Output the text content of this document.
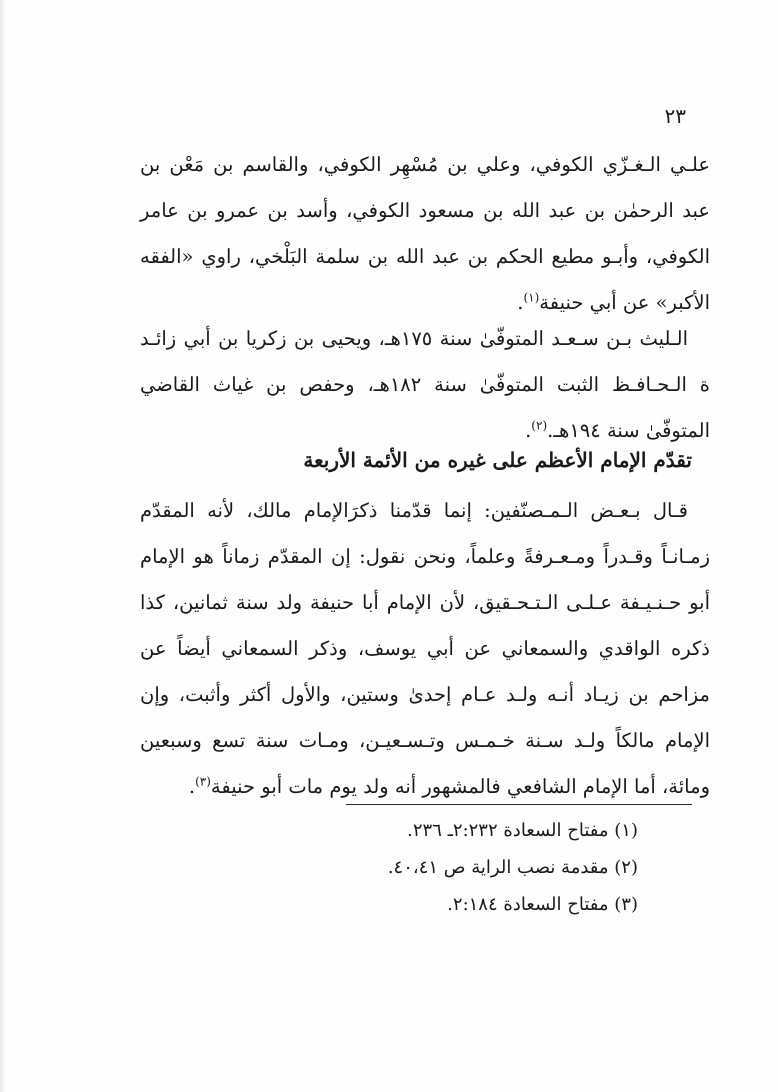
٢٣

علـي الـغـزّي الكوفي، وعلي بن مُسْهِر الكوفي، والقاسم بن مَعْن بن عبد الرحمٰن بن عبد الله بن مسعود الكوفي، وأسد بن عمرو بن عامر الكوفي، وأبـو مطيع الحكم بن عبد الله بن سلمة البَلْخي، راوي «الفقه الأكبر» عن أبي حنيفة$^{(١)}$.

الـليث بـن سـعـد المتوفّىٰ سنة ١٧٥هـ، ويحيى بن زكريا بن أبي زائـد ة الـحـافـظ الثبت المتوفّىٰ سنة ١٨٢هـ، وحفص بن غياث القاضي المتوفّىٰ سنة ١٩٤هـ.$^{(٢)}$.

تقدّم الإمام الأعظم على غيره من الأئمة الأربعة

قـال بـعـض الـمـصنّفين: إنما قدّمنا ذكرَالإمام مالك، لأنه المقدّم زمـانـاً وقـدراً ومـعـرفةً وعلماً، ونحن نقول: إن المقدّم زماناً هو الإمام أبو حـنـيـفة عـلـى الـتـحـقيق، لأن الإمام أبا حنيفة ولد سنة ثمانين، كذا ذكره الواقدي والسمعاني عن أبي يوسف، وذكر السمعاني أيضاً عن مزاحم بن زيـاد أنـه ولـد عـام إحدىٰ وستين، والأول أكثر وأثبت، وإن الإمام مالكاً ولـد سـنة خـمـس وتـسـعيـن، ومـات سنة تسع وسبعين ومائة، أما الإمام الشافعي فالمشهور أنه ولد يوم مات أبو حنيفة$^{(٣)}$.

(١) مفتاح السعادة ٢:٢٣٢ـ ٢٣٦.
(٢) مقدمة نصب الراية ص ٤٠،٤١.
(٣) مفتاح السعادة ٢:١٨٤.
